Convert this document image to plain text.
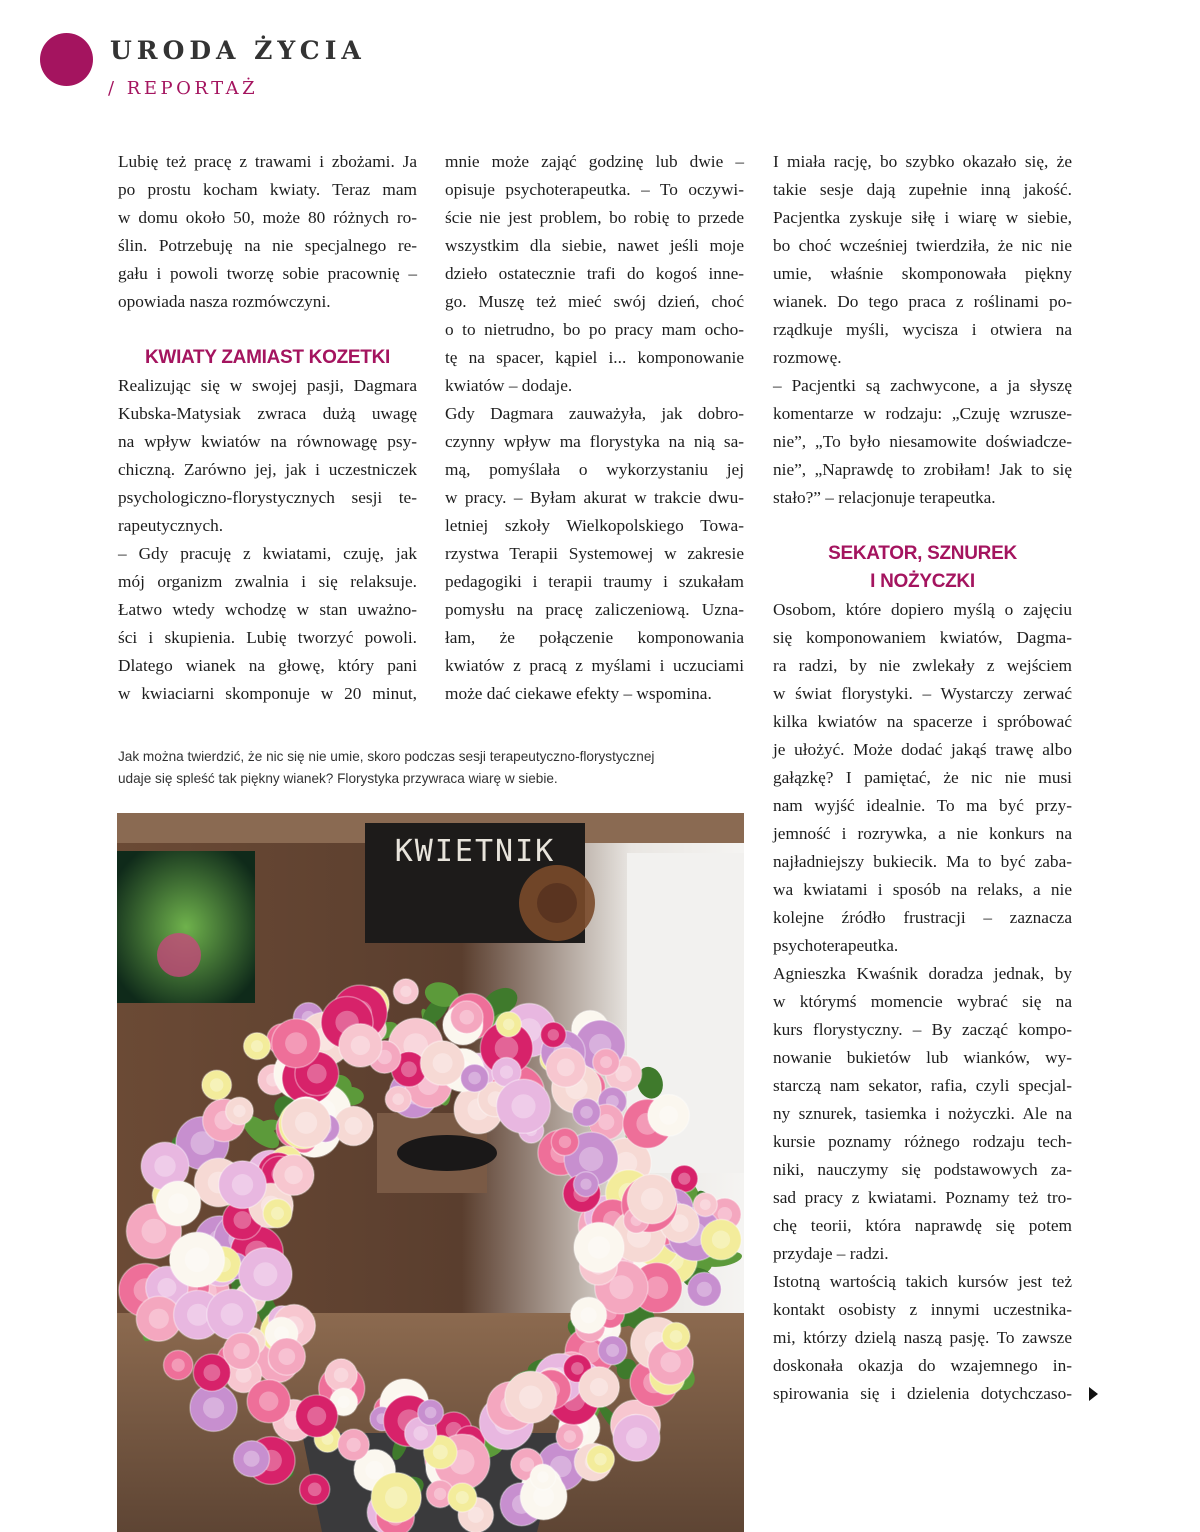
URODA ŻYCIA
/ REPORTAŻ
Lubię też pracę z trawami i zbożami. Ja
po prostu kocham kwiaty. Teraz mam
w domu około 50, może 80 różnych ro-
ślin. Potrzebuję na nie specjalnego re-
gału i powoli tworzę sobie pracownię –
opowiada nasza rozmówczyni.
KWIATY ZAMIAST KOZETKI
Realizując się w swojej pasji, Dagmara
Kubska-Matysiak zwraca dużą uwagę
na wpływ kwiatów na równowagę psy-
chiczną. Zarówno jej, jak i uczestniczek
psychologiczno-florystycznych sesji te-
rapeutycznych.
– Gdy pracuję z kwiatami, czuję, jak
mój organizm zwalnia i się relaksuje.
Łatwo wtedy wchodzę w stan uważno-
ści i skupienia. Lubię tworzyć powoli.
Dlatego wianek na głowę, który pani
w kwiaciarni skomponuje w 20 minut,
mnie może zająć godzinę lub dwie –
opisuje psychoterapeutka. – To oczywi-
ście nie jest problem, bo robię to przede
wszystkim dla siebie, nawet jeśli moje
dzieło ostatecznie trafi do kogoś inne-
go. Muszę też mieć swój dzień, choć
o to nietrudno, bo po pracy mam ocho-
tę na spacer, kąpiel i... komponowanie
kwiatów – dodaje.
Gdy Dagmara zauważyła, jak dobro-
czynny wpływ ma florystyka na nią sa-
mą, pomyślała o wykorzystaniu jej
w pracy. – Byłam akurat w trakcie dwu-
letniej szkoły Wielkopolskiego Towa-
rzystwa Terapii Systemowej w zakresie
pedagogiki i terapii traumy i szukałam
pomysłu na pracę zaliczeniową. Uzna-
łam, że połączenie komponowania
kwiatów z pracą z myślami i uczuciami
może dać ciekawe efekty – wspomina.
I miała rację, bo szybko okazało się, że
takie sesje dają zupełnie inną jakość.
Pacjentka zyskuje siłę i wiarę w siebie,
bo choć wcześniej twierdziła, że nic nie
umie, właśnie skomponowała piękny
wianek. Do tego praca z roślinami po-
rządkuje myśli, wycisza i otwiera na
rozmowę.
– Pacjentki są zachwycone, a ja słyszę
komentarze w rodzaju: „Czuję wzrusze-
nie”, „To było niesamowite doświadcze-
nie”, „Naprawdę to zrobiłam! Jak to się
stało?” – relacjonuje terapeutka.
SEKATOR, SZNUREK
I NOŻYCZKI
Osobom, które dopiero myślą o zajęciu
się komponowaniem kwiatów, Dagma-
ra radzi, by nie zwlekały z wejściem
w świat florystyki. – Wystarczy zerwać
kilka kwiatów na spacerze i spróbować
je ułożyć. Może dodać jakąś trawę albo
gałązkę? I pamiętać, że nic nie musi
nam wyjść idealnie. To ma być przy-
jemność i rozrywka, a nie konkurs na
najładniejszy bukiecik. Ma to być zaba-
wa kwiatami i sposób na relaks, a nie
kolejne źródło frustracji – zaznacza
psychoterapeutka.
Agnieszka Kwaśnik doradza jednak, by
w którymś momencie wybrać się na
kurs florystyczny. – By zacząć kompo-
nowanie bukietów lub wianków, wy-
starczą nam sekator, rafia, czyli specjal-
ny sznurek, tasiemka i nożyczki. Ale na
kursie poznamy różnego rodzaju tech-
niki, nauczymy się podstawowych za-
sad pracy z kwiatami. Poznamy też tro-
chę teorii, która naprawdę się potem
przydaje – radzi.
Istotną wartością takich kursów jest też
kontakt osobisty z innymi uczestnika-
mi, którzy dzielą naszą pasję. To zawsze
doskonała okazja do wzajemnego in-
spirowania się i dzielenia dotychczaso-
Jak można twierdzić, że nic się nie umie, skoro podczas sesji terapeutyczno-florystycznej
udaje się spleść tak piękny wianek? Florystyka przywraca wiarę w siebie.
KWIETNIK
